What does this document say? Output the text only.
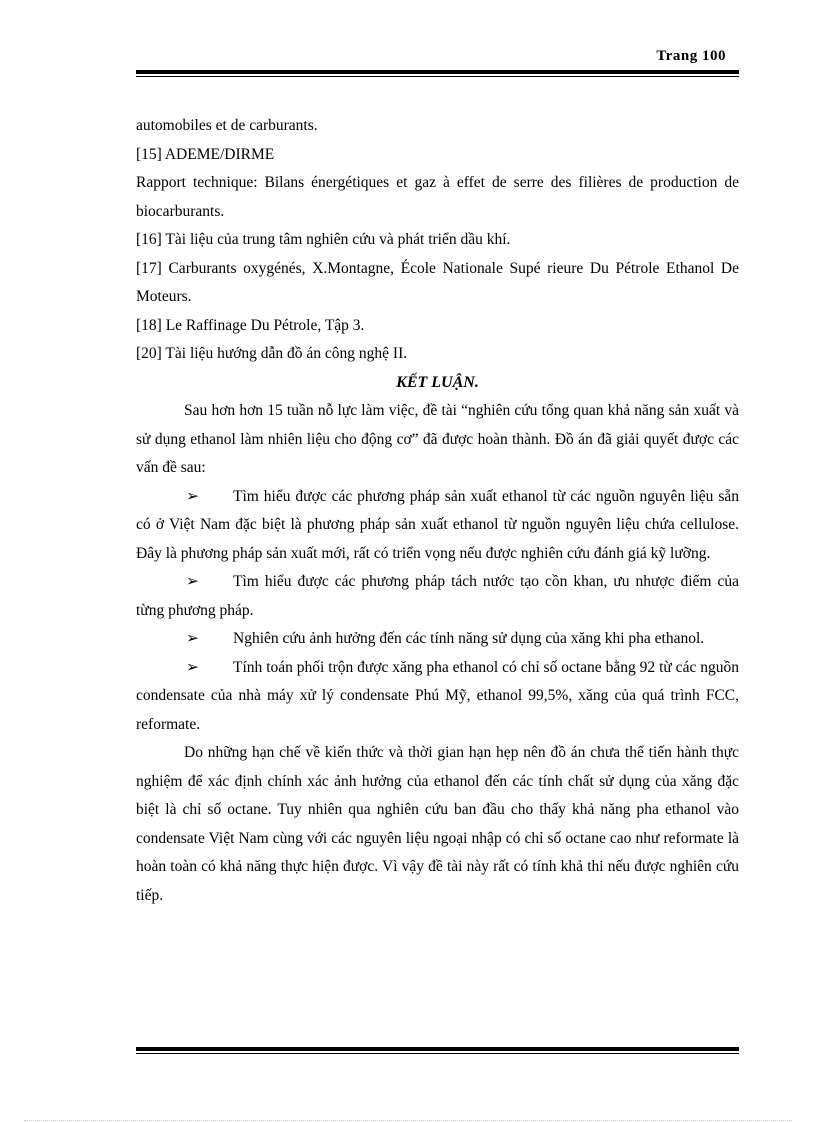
Trang 100

automobiles et de carburants.

[15] ADEME/DIRME

Rapport technique: Bilans énergétiques et gaz à effet de serre des filières de production de biocarburants.

[16] Tài liệu của trung tâm nghiên cứu và phát triển dầu khí.

[17] Carburants oxygénés, X.Montagne, École Nationale Supé rieure Du Pétrole Ethanol De Moteurs.

[18] Le Raffinage Du Pétrole, Tập 3.

[20] Tài liệu hướng dẫn đồ án công nghệ II.

KẾT LUẬN.

Sau hơn hơn 15 tuần nỗ lực làm việc, đề tài “nghiên cứu tổng quan khả năng sản xuất và sử dụng ethanol làm nhiên liệu cho động cơ” đã được hoàn thành. Đồ án đã giải quyết được các vấn đề sau:

➢ Tìm hiểu được các phương pháp sản xuất ethanol từ các nguồn nguyên liệu sẵn có ở Việt Nam đặc biệt là phương pháp sản xuất ethanol từ nguồn nguyên liệu chứa cellulose. Đây là phương pháp sản xuất mới, rất có triển vọng nếu được nghiên cứu đánh giá kỹ lưỡng.

➢ Tìm hiểu được các phương pháp tách nước tạo cồn khan, ưu nhược điểm của từng phương pháp.

➢ Nghiên cứu ảnh hưởng đến các tính năng sử dụng của xăng khi pha ethanol.

➢ Tính toán phối trộn được xăng pha ethanol có chỉ số octane bằng 92 từ các nguồn condensate của nhà máy xử lý condensate Phú Mỹ, ethanol 99,5%, xăng của quá trình FCC, reformate.

Do những hạn chế về kiến thức và thời gian hạn hẹp nên đồ án chưa thể tiến hành thực nghiệm để xác định chính xác ảnh hưởng của ethanol đến các tính chất sử dụng của xăng đặc biệt là chỉ số octane. Tuy nhiên qua nghiên cứu ban đầu cho thấy khả năng pha ethanol vào condensate Việt Nam cùng với các nguyên liệu ngoại nhập có chỉ số octane cao như reformate là hoàn toàn có khả năng thực hiện được. Vì vậy đề tài này rất có tính khả thi nếu được nghiên cứu tiếp.
